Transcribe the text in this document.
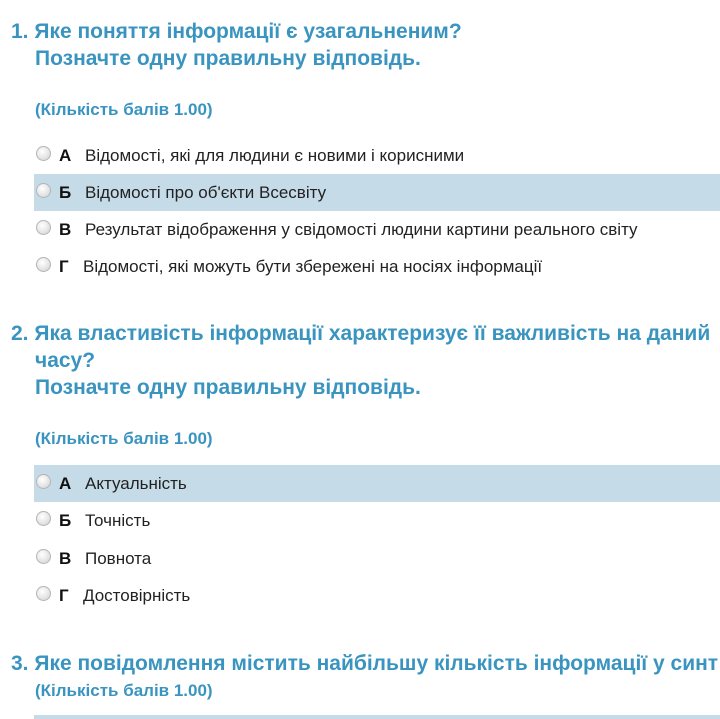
1. Яке поняття інформації є узагальненим?
Позначте одну правильну відповідь.
(Кількість балів 1.00)
А Відомості, які для людини є новими і корисними
Б Відомості про об'єкти Всесвіту
В Результат відображення у свідомості людини картини реального світу
Г Відомості, які можуть бути збережені на носіях інформації
2. Яка властивість інформації характеризує її важливість на даний
часу?
Позначте одну правильну відповідь.
(Кількість балів 1.00)
А Актуальність
Б Точність
В Повнота
Г Достовірність
3. Яке повідомлення містить найбільшу кількість інформації у синт
(Кількість балів 1.00)
